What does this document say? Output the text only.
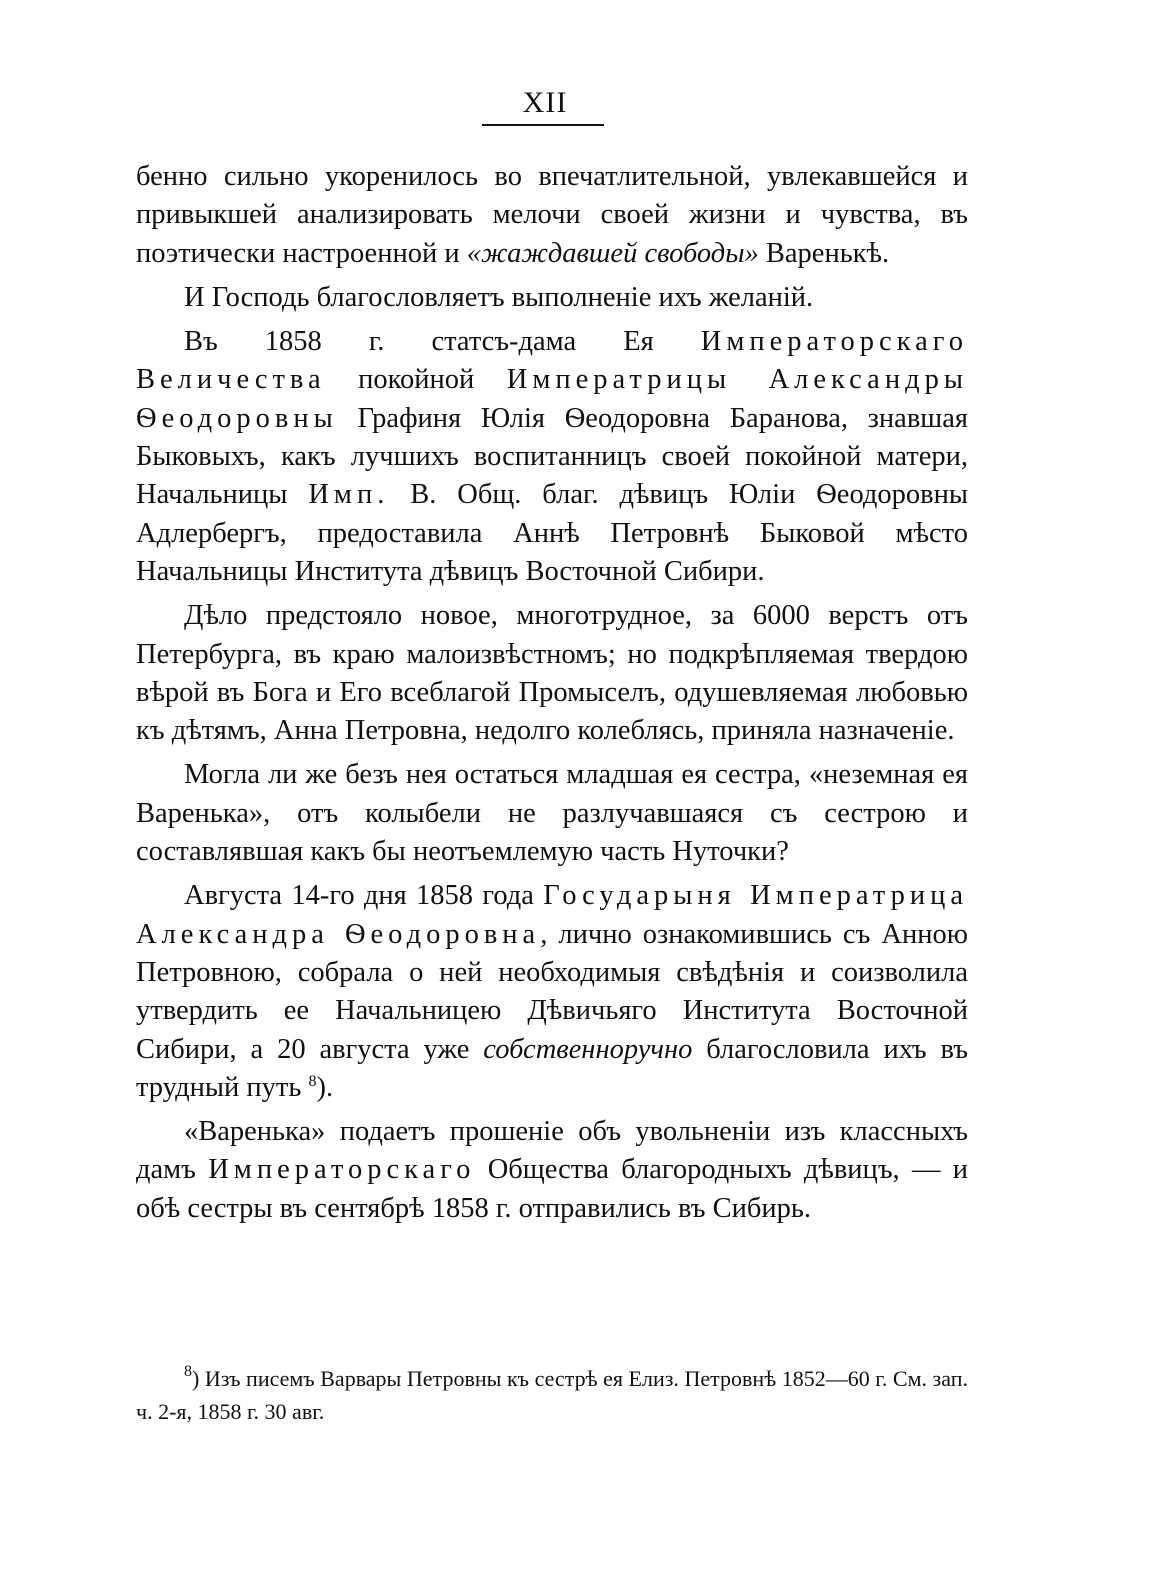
XII

бенно сильно укоренилось во впечатлительной, увлекавшейся и привыкшей анализировать мелочи своей жизни и чувства, въ поэтически настроенной и «жаждавшей свободы» Варенькѣ.

И Господь благословляетъ выполненіе ихъ желаній.

Въ 1858 г. статсъ-дама Ея Императорскаго Величества покойной Императрицы Александры Ѳеодоровны Графиня Юлія Ѳеодоровна Баранова, знавшая Быковыхъ, какъ лучшихъ воспитанницъ своей покойной матери, Начальницы Имп. В. Общ. благ. дѣвицъ Юліи Ѳеодоровны Адлербергъ, предоставила Аннѣ Петровнѣ Быковой мѣсто Начальницы Института дѣвицъ Восточной Сибири.

Дѣло предстояло новое, многотрудное, за 6000 верстъ отъ Петербурга, въ краю малоизвѣстномъ; но подкрѣпляемая твердою вѣрой въ Бога и Его всеблагой Промыселъ, одушевляемая любовью къ дѣтямъ, Анна Петровна, недолго колеблясь, приняла назначеніе.

Могла ли же безъ нея остаться младшая ея сестра, «неземная ея Варенька», отъ колыбели не разлучавшаяся съ сестрою и составлявшая какъ бы неотъемлемую часть Нуточки?

Августа 14-го дня 1858 года Государыня Императрица Александра Ѳеодоровна, лично ознакомившись съ Анною Петровною, собрала о ней необходимыя свѣдѣнія и соизволила утвердить ее Начальницею Дѣвичьяго Института Восточной Сибири, а 20 августа уже собственноручно благословила ихъ въ трудный путь $^8$).

«Варенька» подаетъ прошеніе объ увольненіи изъ классныхъ дамъ Императорскаго Общества благородныхъ дѣвицъ, — и обѣ сестры въ сентябрѣ 1858 г. отправились въ Сибирь.

$^8$) Изъ писемъ Варвары Петровны къ сестрѣ ея Елиз. Петровнѣ 1852—60 г. См. зап. ч. 2-я, 1858 г. 30 авг.
